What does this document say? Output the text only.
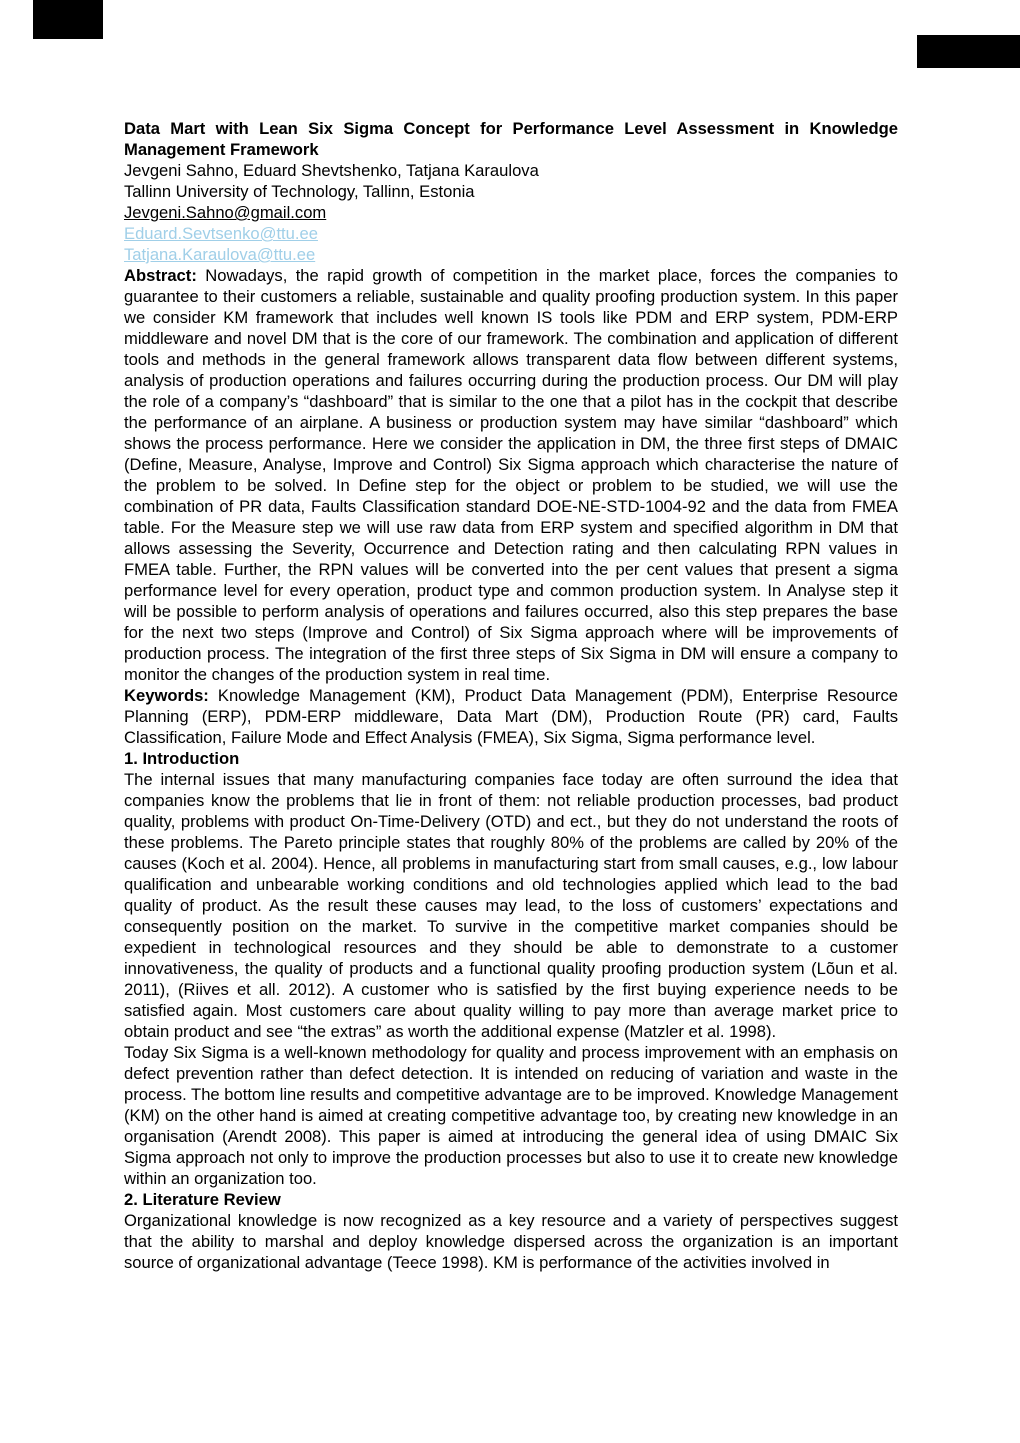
Data Mart with Lean Six Sigma Concept for Performance Level Assessment in Knowledge Management Framework
Jevgeni Sahno, Eduard Shevtshenko, Tatjana Karaulova
Tallinn University of Technology, Tallinn, Estonia
Jevgeni.Sahno@gmail.com
Eduard.Sevtsenko@ttu.ee
Tatjana.Karaulova@ttu.ee
Abstract: Nowadays, the rapid growth of competition in the market place, forces the companies to guarantee to their customers a reliable, sustainable and quality proofing production system. In this paper we consider KM framework that includes well known IS tools like PDM and ERP system, PDM-ERP middleware and novel DM that is the core of our framework. The combination and application of different tools and methods in the general framework allows transparent data flow between different systems, analysis of production operations and failures occurring during the production process. Our DM will play the role of a company’s “dashboard” that is similar to the one that a pilot has in the cockpit that describe the performance of an airplane. A business or production system may have similar “dashboard” which shows the process performance. Here we consider the application in DM, the three first steps of DMAIC (Define, Measure, Analyse, Improve and Control) Six Sigma approach which characterise the nature of the problem to be solved. In Define step for the object or problem to be studied, we will use the combination of PR data, Faults Classification standard DOE-NE-STD-1004-92 and the data from FMEA table. For the Measure step we will use raw data from ERP system and specified algorithm in DM that allows assessing the Severity, Occurrence and Detection rating and then calculating RPN values in FMEA table. Further, the RPN values will be converted into the per cent values that present a sigma performance level for every operation, product type and common production system. In Analyse step it will be possible to perform analysis of operations and failures occurred, also this step prepares the base for the next two steps (Improve and Control) of Six Sigma approach where will be improvements of production process. The integration of the first three steps of Six Sigma in DM will ensure a company to monitor the changes of the production system in real time.
Keywords: Knowledge Management (KM), Product Data Management (PDM), Enterprise Resource Planning (ERP), PDM-ERP middleware, Data Mart (DM), Production Route (PR) card, Faults Classification, Failure Mode and Effect Analysis (FMEA), Six Sigma, Sigma performance level.
1. Introduction
The internal issues that many manufacturing companies face today are often surround the idea that companies know the problems that lie in front of them: not reliable production processes, bad product quality, problems with product On-Time-Delivery (OTD) and ect., but they do not understand the roots of these problems. The Pareto principle states that roughly 80% of the problems are called by 20% of the causes (Koch et al. 2004). Hence, all problems in manufacturing start from small causes, e.g., low labour qualification and unbearable working conditions and old technologies applied which lead to the bad quality of product. As the result these causes may lead, to the loss of customers’ expectations and consequently position on the market. To survive in the competitive market companies should be expedient in technological resources and they should be able to demonstrate to a customer innovativeness, the quality of products and a functional quality proofing production system (Lõun et al. 2011), (Riives et all. 2012). A customer who is satisfied by the first buying experience needs to be satisfied again. Most customers care about quality willing to pay more than average market price to obtain product and see “the extras” as worth the additional expense (Matzler et al. 1998).
Today Six Sigma is a well-known methodology for quality and process improvement with an emphasis on defect prevention rather than defect detection. It is intended on reducing of variation and waste in the process. The bottom line results and competitive advantage are to be improved. Knowledge Management (KM) on the other hand is aimed at creating competitive advantage too, by creating new knowledge in an organisation (Arendt 2008). This paper is aimed at introducing the general idea of using DMAIC Six Sigma approach not only to improve the production processes but also to use it to create new knowledge within an organization too.
2. Literature Review
Organizational knowledge is now recognized as a key resource and a variety of perspectives suggest that the ability to marshal and deploy knowledge dispersed across the organization is an important source of organizational advantage (Teece 1998). KM is performance of the activities involved in
